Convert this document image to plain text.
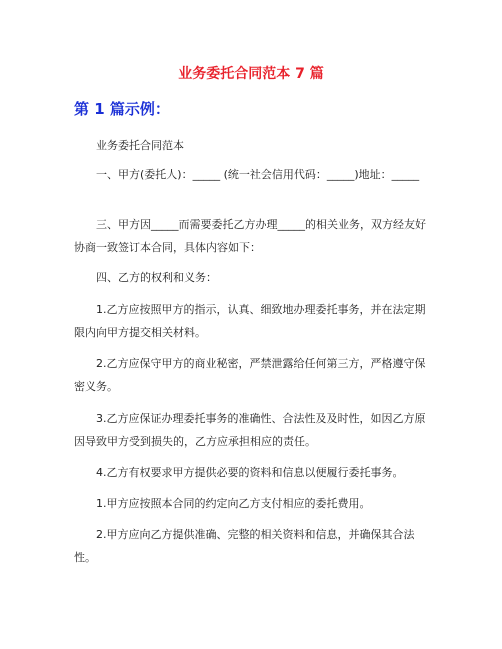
业务委托合同范本 7 篇
第 1 篇示例：
业务委托合同范本
一、甲方(委托人)：_____ (统一社会信用代码：_____)地址：_____
三、甲方因_____而需要委托乙方办理_____的相关业务，双方经友好协商一致签订本合同，具体内容如下：
四、乙方的权利和义务：
1.乙方应按照甲方的指示，认真、细致地办理委托事务，并在法定期限内向甲方提交相关材料。
2.乙方应保守甲方的商业秘密，严禁泄露给任何第三方，严格遵守保密义务。
3.乙方应保证办理委托事务的准确性、合法性及及时性，如因乙方原因导致甲方受到损失的，乙方应承担相应的责任。
4.乙方有权要求甲方提供必要的资料和信息以便履行委托事务。
1.甲方应按照本合同的约定向乙方支付相应的委托费用。
2.甲方应向乙方提供准确、完整的相关资料和信息，并确保其合法性。
